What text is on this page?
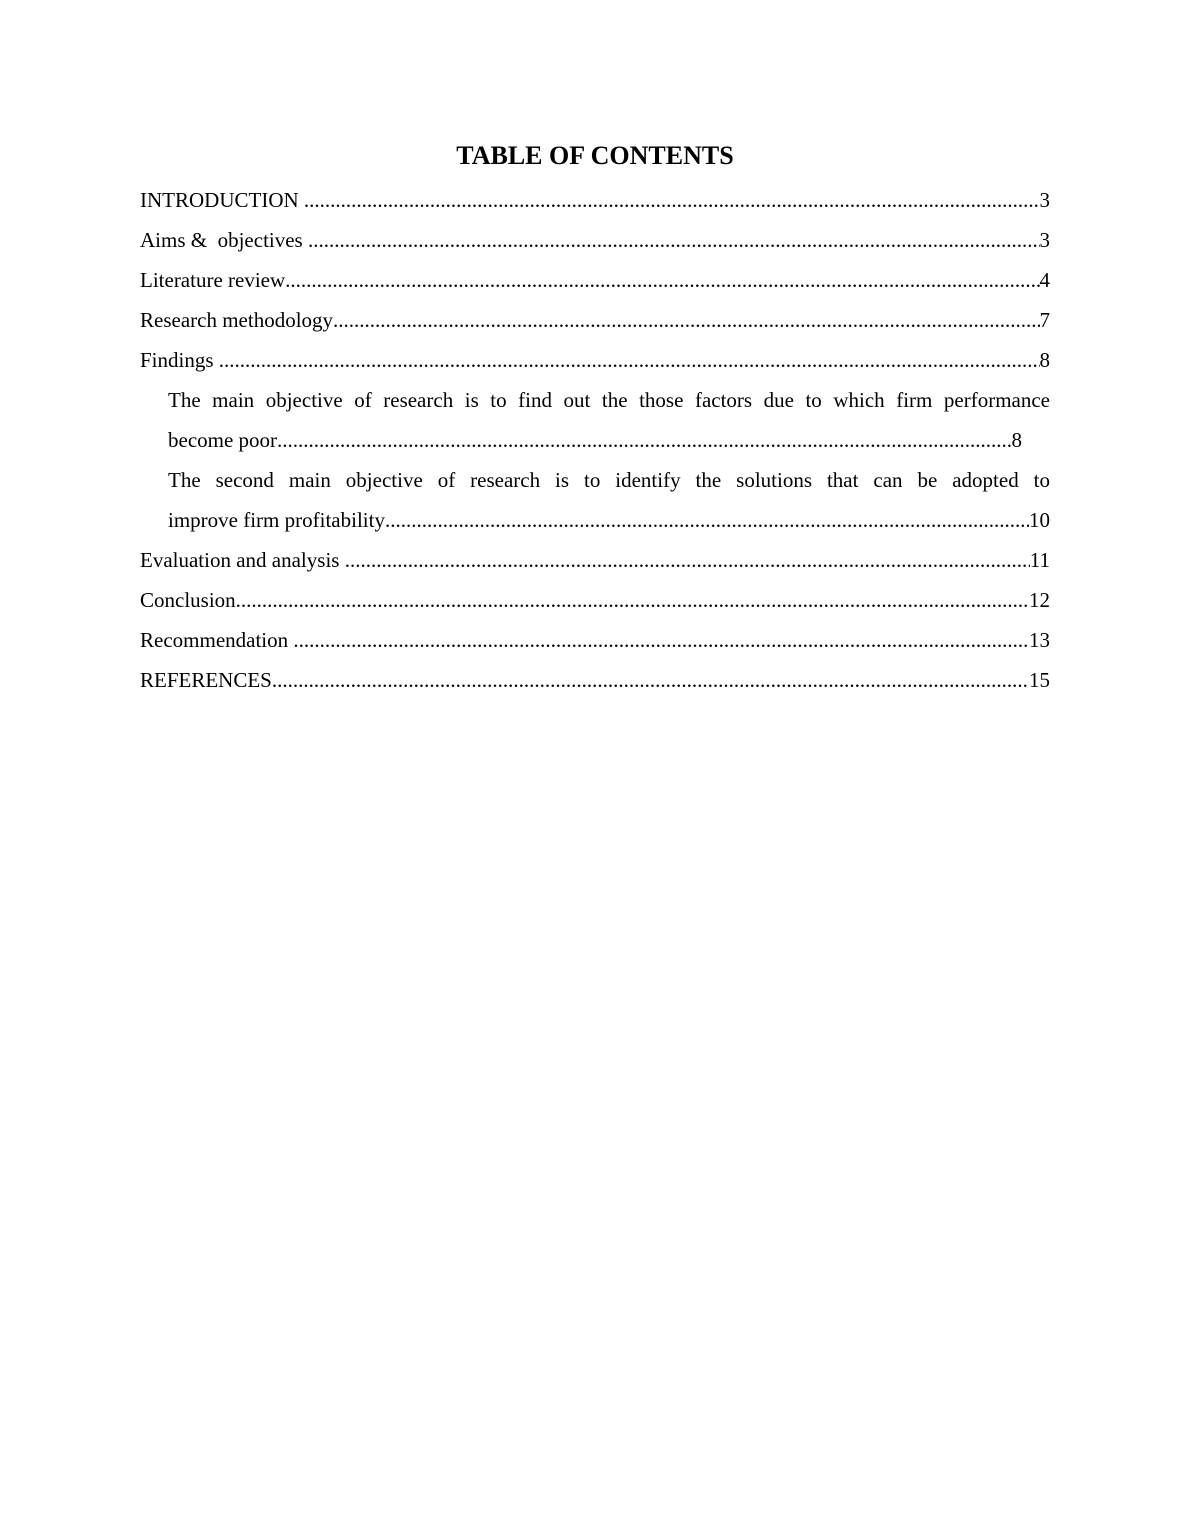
TABLE OF CONTENTS
INTRODUCTION .....	3
Aims &  objectives .....	3
Literature review .....	4
Research methodology .....	7
Findings .....	8
The main objective of research is to find out the those factors due to which firm performance
become poor .....	8
The second main objective of research is to identify the solutions that can be adopted to
improve firm profitability .....	10
Evaluation and analysis .....	11
Conclusion .....	12
Recommendation .....	13
REFERENCES .....	15
